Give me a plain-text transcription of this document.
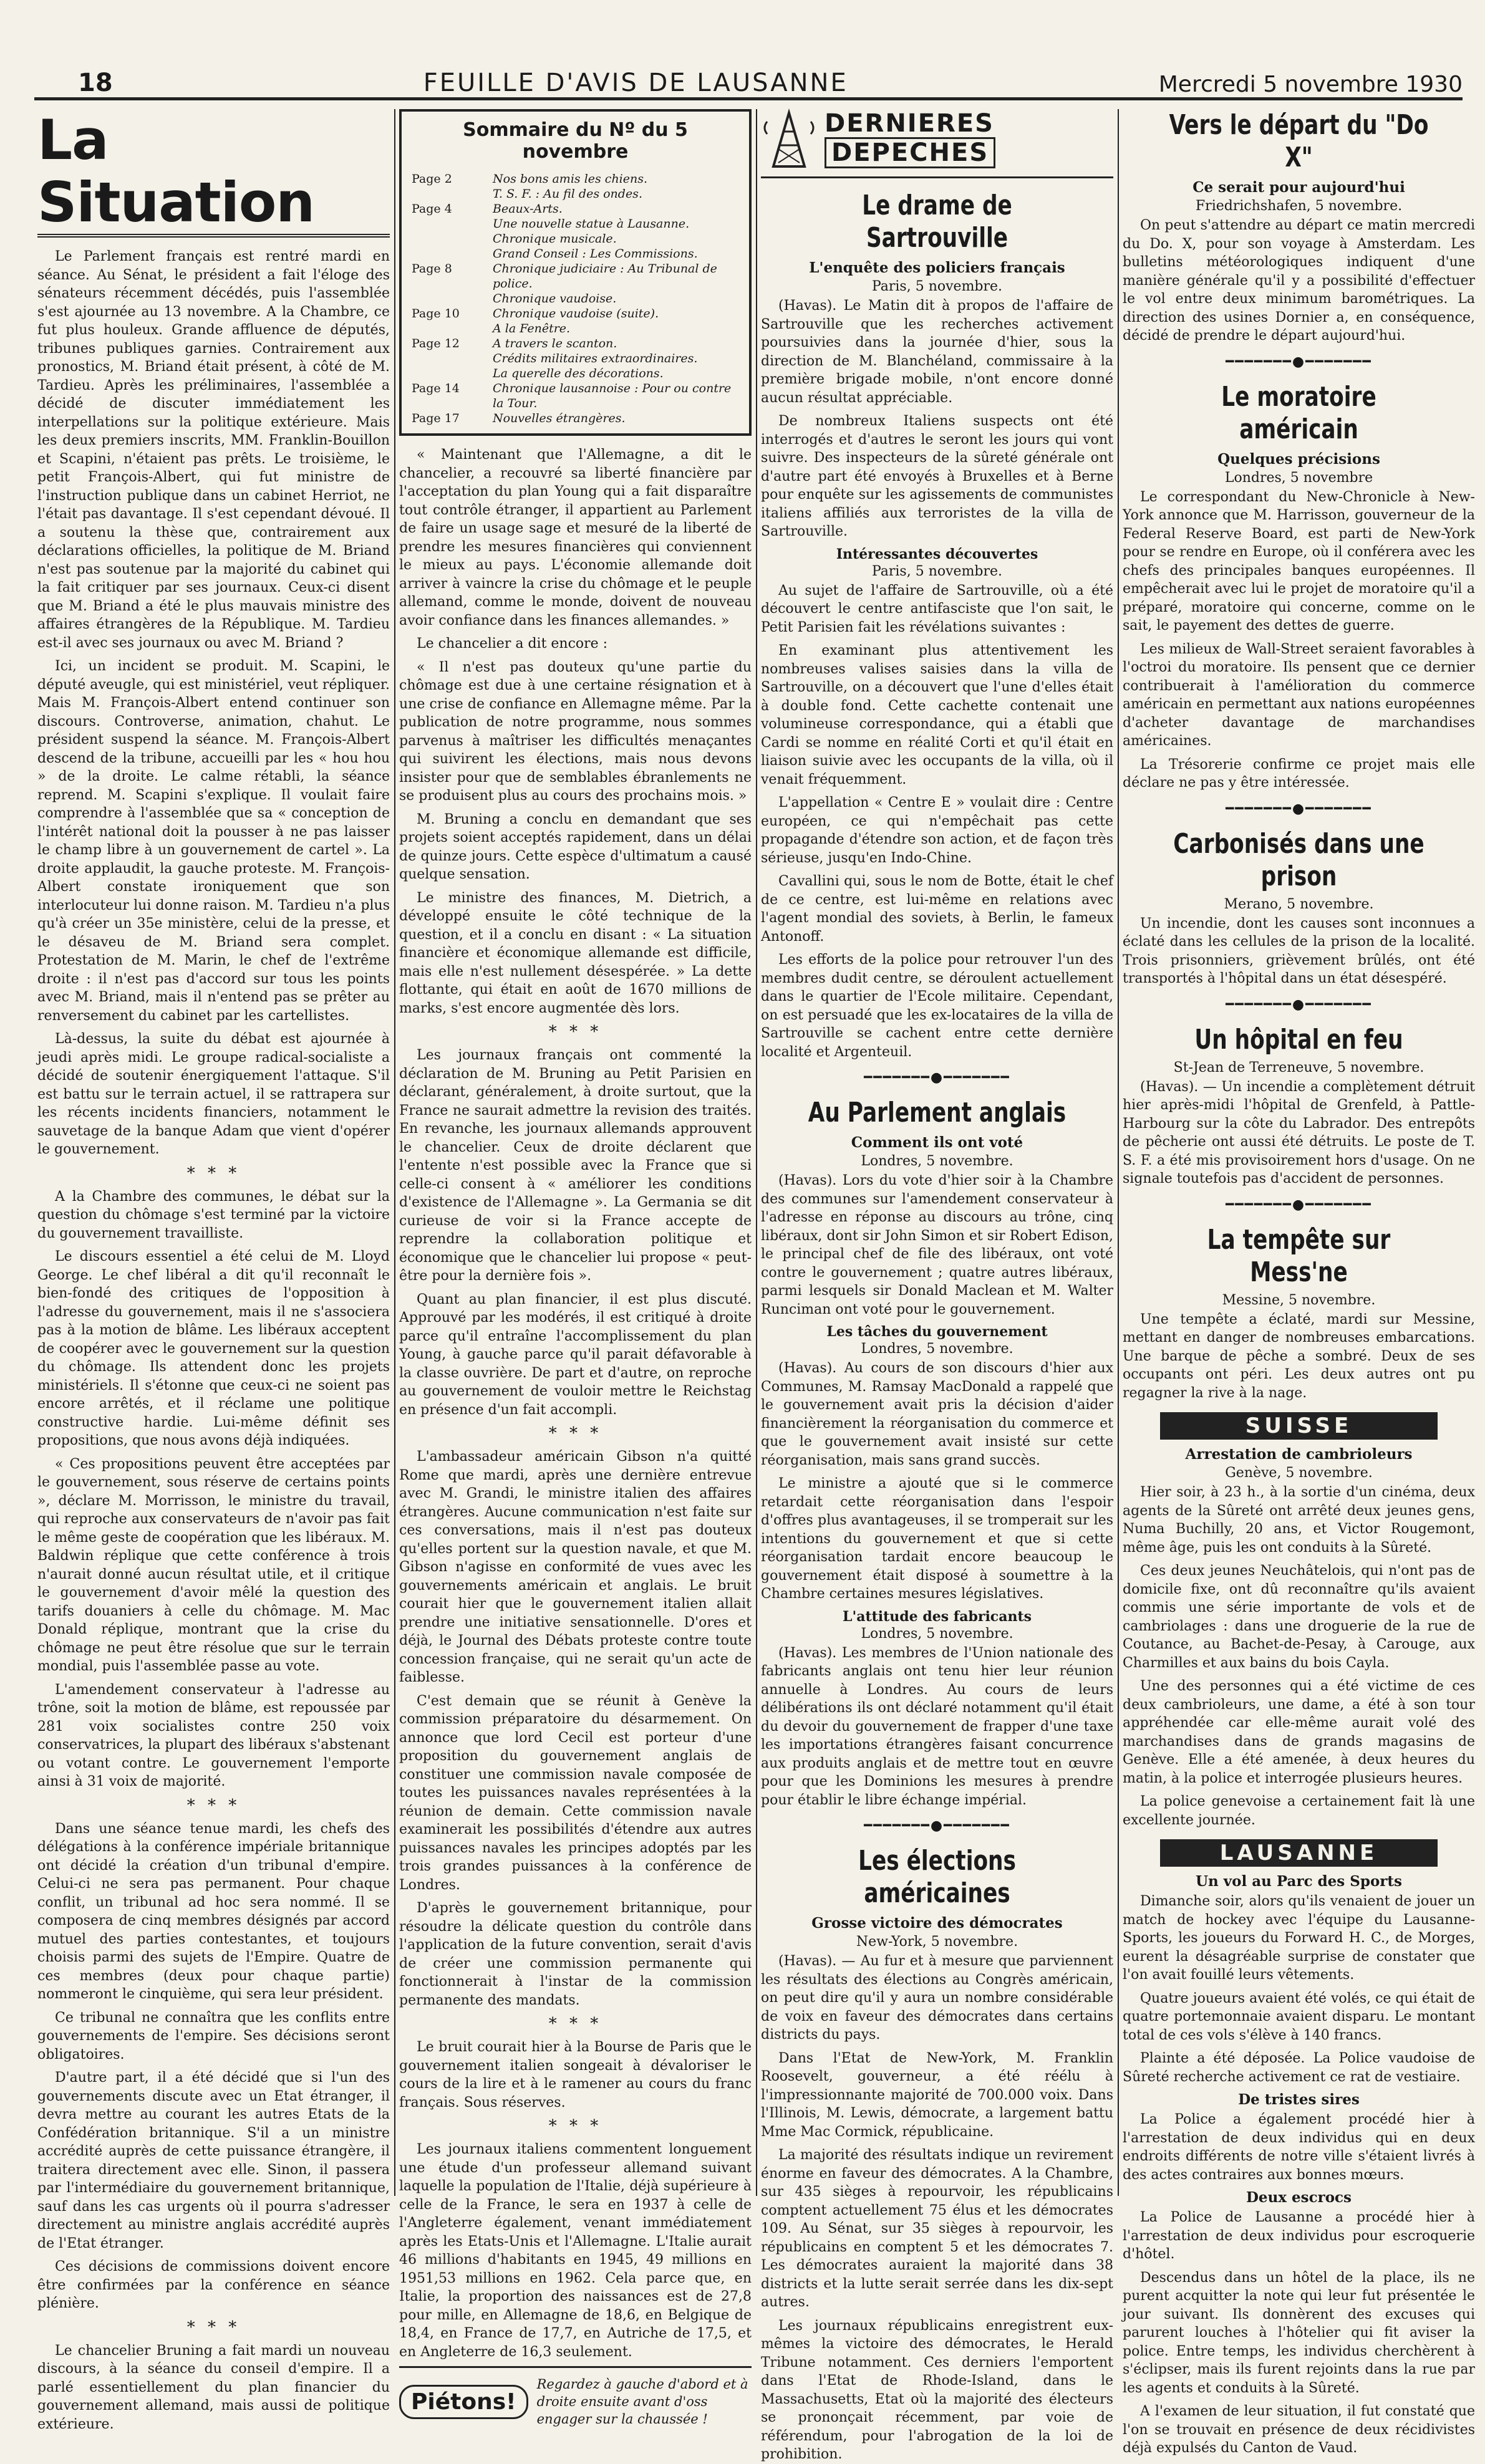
18	FEUILLE D'AVIS DE LAUSANNE	Mercredi 5 novembre 1930
La Situation

Le Parlement français est rentré mardi en séance. Au Sénat, le président a fait l'éloge des sénateurs récemment décédés, puis l'assemblée s'est ajournée au 13 novembre. A la Chambre, ce fut plus houleux. Grande affluence de députés, tribunes publiques garnies. Contrairement aux pronostics, M. Briand était présent, à côté de M. Tardieu. Après les préliminaires, l'assemblée a décidé de discuter immédiatement les interpellations sur la politique extérieure. Mais les deux premiers inscrits, MM. Franklin-Bouillon et Scapini, n'étaient pas prêts. Le troisième, le petit François-Albert, qui fut ministre de l'instruction publique dans un cabinet Herriot, ne l'était pas davantage. Il s'est cependant dévoué. Il a soutenu la thèse que, contrairement aux déclarations officielles, la politique de M. Briand n'est pas soutenue par la majorité du cabinet qui la fait critiquer par ses journaux. Ceux-ci disent que M. Briand a été le plus mauvais ministre des affaires étrangères de la République. M. Tardieu est-il avec ses journaux ou avec M. Briand ?

Ici, un incident se produit. M. Scapini, le député aveugle, qui est ministériel, veut répliquer. Mais M. François-Albert entend continuer son discours. Controverse, animation, chahut. Le président suspend la séance. M. François-Albert descend de la tribune, accueilli par les « hou hou » de la droite. Le calme rétabli, la séance reprend. M. Scapini s'explique. Il voulait faire comprendre à l'assemblée que sa « conception de l'intérêt national doit la pousser à ne pas laisser le champ libre à un gouvernement de cartel ». La droite applaudit, la gauche proteste. M. François-Albert constate ironiquement que son interlocuteur lui donne raison. M. Tardieu n'a plus qu'à créer un 35e ministère, celui de la presse, et le désaveu de M. Briand sera complet. Protestation de M. Marin, le chef de l'extrême droite : il n'est pas d'accord sur tous les points avec M. Briand, mais il n'entend pas se prêter au renversement du cabinet par les cartellistes.

Là-dessus, la suite du débat est ajournée à jeudi après midi. Le groupe radical-socialiste a décidé de soutenir énergiquement l'attaque. S'il est battu sur le terrain actuel, il se rattrapera sur les récents incidents financiers, notamment le sauvetage de la banque Adam que vient d'opérer le gouvernement.

* * *

A la Chambre des communes, le débat sur la question du chômage s'est terminé par la victoire du gouvernement travailliste.

Le discours essentiel a été celui de M. Lloyd George. Le chef libéral a dit qu'il reconnaît le bien-fondé des critiques de l'opposition à l'adresse du gouvernement, mais il ne s'associera pas à la motion de blâme. Les libéraux acceptent de coopérer avec le gouvernement sur la question du chômage. Ils attendent donc les projets ministériels. Il s'étonne que ceux-ci ne soient pas encore arrêtés, et il réclame une politique constructive hardie. Lui-même définit ses propositions, que nous avons déjà indiquées.

« Ces propositions peuvent être acceptées par le gouvernement, sous réserve de certains points », déclare M. Morrisson, le ministre du travail, qui reproche aux conservateurs de n'avoir pas fait le même geste de coopération que les libéraux. M. Baldwin réplique que cette conférence à trois n'aurait donné aucun résultat utile, et il critique le gouvernement d'avoir mêlé la question des tarifs douaniers à celle du chômage. M. Mac Donald réplique, montrant que la crise du chômage ne peut être résolue que sur le terrain mondial, puis l'assemblée passe au vote.

L'amendement conservateur à l'adresse au trône, soit la motion de blâme, est repoussée par 281 voix socialistes contre 250 voix conservatrices, la plupart des libéraux s'abstenant ou votant contre. Le gouvernement l'emporte ainsi à 31 voix de majorité.

* * *

Dans une séance tenue mardi, les chefs des délégations à la conférence impériale britannique ont décidé la création d'un tribunal d'empire. Celui-ci ne sera pas permanent. Pour chaque conflit, un tribunal ad hoc sera nommé. Il se composera de cinq membres désignés par accord mutuel des parties contestantes, et toujours choisis parmi des sujets de l'Empire. Quatre de ces membres (deux pour chaque partie) nommeront le cinquième, qui sera leur président.

Ce tribunal ne connaîtra que les conflits entre gouvernements de l'empire. Ses décisions seront obligatoires.

D'autre part, il a été décidé que si l'un des gouvernements discute avec un Etat étranger, il devra mettre au courant les autres Etats de la Confédération britannique. S'il a un ministre accrédité auprès de cette puissance étrangère, il traitera directement avec elle. Sinon, il passera par l'intermédiaire du gouvernement britannique, sauf dans les cas urgents où il pourra s'adresser directement au ministre anglais accrédité auprès de l'Etat étranger.

Ces décisions de commissions doivent encore être confirmées par la conférence en séance plénière.

* * *

Le chancelier Bruning a fait mardi un nouveau discours, à la séance du conseil d'empire. Il a parlé essentiellement du plan financier du gouvernement allemand, mais aussi de politique extérieure.

Sommaire du Nº du 5 novembre
Page 2	Nos bons amis les chiens.
T. S. F. : Au fil des ondes.
Page 4	Beaux-Arts.
Une nouvelle statue à Lausanne.
Chronique musicale.
Grand Conseil : Les Commissions.
Page 8	Chronique judiciaire : Au Tribunal de police.
Chronique vaudoise.
Page 10	Chronique vaudoise (suite).
A la Fenêtre.
Page 12	A travers le scanton.
Crédits militaires extraordinaires.
La querelle des décorations.
Page 14	Chronique lausannoise : Pour ou contre la Tour.
Page 17	Nouvelles étrangères.

« Maintenant que l'Allemagne, a dit le chancelier, a recouvré sa liberté financière par l'acceptation du plan Young qui a fait disparaître tout contrôle étranger, il appartient au Parlement de faire un usage sage et mesuré de la liberté de prendre les mesures financières qui conviennent le mieux au pays. L'économie allemande doit arriver à vaincre la crise du chômage et le peuple allemand, comme le monde, doivent de nouveau avoir confiance dans les finances allemandes. »

Le chancelier a dit encore :

« Il n'est pas douteux qu'une partie du chômage est due à une certaine résignation et à une crise de confiance en Allemagne même. Par la publication de notre programme, nous sommes parvenus à maîtriser les difficultés menaçantes qui suivirent les élections, mais nous devons insister pour que de semblables ébranlements ne se produisent plus au cours des prochains mois. »

M. Bruning a conclu en demandant que ses projets soient acceptés rapidement, dans un délai de quinze jours. Cette espèce d'ultimatum a causé quelque sensation.

Le ministre des finances, M. Dietrich, a développé ensuite le côté technique de la question, et il a conclu en disant : « La situation financière et économique allemande est difficile, mais elle n'est nullement désespérée. » La dette flottante, qui était en août de 1670 millions de marks, s'est encore augmentée dès lors.

* * *

Les journaux français ont commenté la déclaration de M. Bruning au Petit Parisien en déclarant, généralement, à droite surtout, que la France ne saurait admettre la revision des traités. En revanche, les journaux allemands approuvent le chancelier. Ceux de droite déclarent que l'entente n'est possible avec la France que si celle-ci consent à « améliorer les conditions d'existence de l'Allemagne ». La Germania se dit curieuse de voir si la France accepte de reprendre la collaboration politique et économique que le chancelier lui propose « peut-être pour la dernière fois ».

Quant au plan financier, il est plus discuté. Approuvé par les modérés, il est critiqué à droite parce qu'il entraîne l'accomplissement du plan Young, à gauche parce qu'il parait défavorable à la classe ouvrière. De part et d'autre, on reproche au gouvernement de vouloir mettre le Reichstag en présence d'un fait accompli.

* * *

L'ambassadeur américain Gibson n'a quitté Rome que mardi, après une dernière entrevue avec M. Grandi, le ministre italien des affaires étrangères. Aucune communication n'est faite sur ces conversations, mais il n'est pas douteux qu'elles portent sur la question navale, et que M. Gibson n'agisse en conformité de vues avec les gouvernements américain et anglais. Le bruit courait hier que le gouvernement italien allait prendre une initiative sensationnelle. D'ores et déjà, le Journal des Débats proteste contre toute concession française, qui ne serait qu'un acte de faiblesse.

C'est demain que se réunit à Genève la commission préparatoire du désarmement. On annonce que lord Cecil est porteur d'une proposition du gouvernement anglais de constituer une commission navale composée de toutes les puissances navales représentées à la réunion de demain. Cette commission navale examinerait les possibilités d'étendre aux autres puissances navales les principes adoptés par les trois grandes puissances à la conférence de Londres.

D'après le gouvernement britannique, pour résoudre la délicate question du contrôle dans l'application de la future convention, serait d'avis de créer une commission permanente qui fonctionnerait à l'instar de la commission permanente des mandats.

* * *

Le bruit courait hier à la Bourse de Paris que le gouvernement italien songeait à dévaloriser le cours de la lire et à le ramener au cours du franc français. Sous réserves.

* * *

Les journaux italiens commentent longuement une étude d'un professeur allemand suivant laquelle la population de l'Italie, déjà supérieure à celle de la France, le sera en 1937 à celle de l'Angleterre également, venant immédiatement après les Etats-Unis et l'Allemagne. L'Italie aurait 46 millions d'habitants en 1945, 49 millions en 1951,53 millions en 1962. Cela parce que, en Italie, la proportion des naissances est de 27,8 pour mille, en Allemagne de 18,6, en Belgique de 18,4, en France de 17,7, en Autriche de 17,5, et en Angleterre de 16,3 seulement.

Piétons!
Regardez à gauche d'abord et à droite ensuite avant d'oss engager sur la chaussée !
DERNIERES
DEPECHES
Le drame de Sartrouville
L'enquête des policiers français
Paris, 5 novembre.

(Havas). Le Matin dit à propos de l'affaire de Sartrouville que les recherches activement poursuivies dans la journée d'hier, sous la direction de M. Blanchéland, commissaire à la première brigade mobile, n'ont encore donné aucun résultat appréciable.

De nombreux Italiens suspects ont été interrogés et d'autres le seront les jours qui vont suivre. Des inspecteurs de la sûreté générale ont d'autre part été envoyés à Bruxelles et à Berne pour enquête sur les agissements de communistes italiens affiliés aux terroristes de la villa de Sartrouville.

Intéressantes découvertes
Paris, 5 novembre.

Au sujet de l'affaire de Sartrouville, où a été découvert le centre antifasciste que l'on sait, le Petit Parisien fait les révélations suivantes :

En examinant plus attentivement les nombreuses valises saisies dans la villa de Sartrouville, on a découvert que l'une d'elles était à double fond. Cette cachette contenait une volumineuse correspondance, qui a établi que Cardi se nomme en réalité Corti et qu'il était en liaison suivie avec les occupants de la villa, où il venait fréquemment.

L'appellation « Centre E » voulait dire : Centre européen, ce qui n'empêchait pas cette propagande d'étendre son action, et de façon très sérieuse, jusqu'en Indo-Chine.

Cavallini qui, sous le nom de Botte, était le chef de ce centre, est lui-même en relations avec l'agent mondial des soviets, à Berlin, le fameux Antonoff.

Les efforts de la police pour retrouver l'un des membres dudit centre, se déroulent actuellement dans le quartier de l'Ecole militaire. Cependant, on est persuadé que les ex-locataires de la villa de Sartrouville se cachent entre cette dernière localité et Argenteuil.

━━━━━━━●━━━━━━━
Au Parlement anglais
Comment ils ont voté
Londres, 5 novembre.

(Havas). Lors du vote d'hier soir à la Chambre des communes sur l'amendement conservateur à l'adresse en réponse au discours au trône, cinq libéraux, dont sir John Simon et sir Robert Edison, le principal chef de file des libéraux, ont voté contre le gouvernement ; quatre autres libéraux, parmi lesquels sir Donald Maclean et M. Walter Runciman ont voté pour le gouvernement.

Les tâches du gouvernement
Londres, 5 novembre.

(Havas). Au cours de son discours d'hier aux Communes, M. Ramsay MacDonald a rappelé que le gouvernement avait pris la décision d'aider financièrement la réorganisation du commerce et que le gouvernement avait insisté sur cette réorganisation, mais sans grand succès.

Le ministre a ajouté que si le commerce retardait cette réorganisation dans l'espoir d'offres plus avantageuses, il se tromperait sur les intentions du gouvernement et que si cette réorganisation tardait encore beaucoup le gouvernement était disposé à soumettre à la Chambre certaines mesures législatives.

L'attitude des fabricants
Londres, 5 novembre.

(Havas). Les membres de l'Union nationale des fabricants anglais ont tenu hier leur réunion annuelle à Londres. Au cours de leurs délibérations ils ont déclaré notamment qu'il était du devoir du gouvernement de frapper d'une taxe les importations étrangères faisant concurrence aux produits anglais et de mettre tout en œuvre pour que les Dominions les mesures à prendre pour établir le libre échange impérial.

━━━━━━━●━━━━━━━
Les élections américaines
Grosse victoire des démocrates
New-York, 5 novembre.

(Havas). — Au fur et à mesure que parviennent les résultats des élections au Congrès américain, on peut dire qu'il y aura un nombre considérable de voix en faveur des démocrates dans certains districts du pays.

Dans l'Etat de New-York, M. Franklin Roosevelt, gouverneur, a été réélu à l'impressionnante majorité de 700.000 voix. Dans l'Illinois, M. Lewis, démocrate, a largement battu Mme Mac Cormick, républicaine.

La majorité des résultats indique un revirement énorme en faveur des démocrates. A la Chambre, sur 435 sièges à repourvoir, les républicains comptent actuellement 75 élus et les démocrates 109. Au Sénat, sur 35 sièges à repourvoir, les républicains en comptent 5 et les démocrates 7. Les démocrates auraient la majorité dans 38 districts et la lutte serait serrée dans les dix-sept autres.

Les journaux républicains enregistrent eux-mêmes la victoire des démocrates, le Herald Tribune notamment. Ces derniers l'emportent dans l'Etat de Rhode-Island, dans le Massachusetts, Etat où la majorité des électeurs se prononçait récemment, par voie de référendum, pour l'abrogation de la loi de prohibition.

Vers le départ du "Do X"
Ce serait pour aujourd'hui
Friedrichshafen, 5 novembre.

On peut s'attendre au départ ce matin mercredi du Do. X, pour son voyage à Amsterdam. Les bulletins météorologiques indiquent d'une manière générale qu'il y a possibilité d'effectuer le vol entre deux minimum barométriques. La direction des usines Dornier a, en conséquence, décidé de prendre le départ aujourd'hui.

━━━━━━━●━━━━━━━
Le moratoire américain
Quelques précisions
Londres, 5 novembre

Le correspondant du New-Chronicle à New-York annonce que M. Harrisson, gouverneur de la Federal Reserve Board, est parti de New-York pour se rendre en Europe, où il conférera avec les chefs des principales banques européennes. Il empêcherait avec lui le projet de moratoire qu'il a préparé, moratoire qui concerne, comme on le sait, le payement des dettes de guerre.

Les milieux de Wall-Street seraient favorables à l'octroi du moratoire. Ils pensent que ce dernier contribuerait à l'amélioration du commerce américain en permettant aux nations européennes d'acheter davantage de marchandises américaines.

La Trésorerie confirme ce projet mais elle déclare ne pas y être intéressée.

━━━━━━━●━━━━━━━
Carbonisés dans une prison
Merano, 5 novembre.

Un incendie, dont les causes sont inconnues a éclaté dans les cellules de la prison de la localité. Trois prisonniers, grièvement brûlés, ont été transportés à l'hôpital dans un état désespéré.

━━━━━━━●━━━━━━━
Un hôpital en feu
St-Jean de Terreneuve, 5 novembre.

(Havas). — Un incendie a complètement détruit hier après-midi l'hôpital de Grenfeld, à Pattle-Harbourg sur la côte du Labrador. Des entrepôts de pêcherie ont aussi été détruits. Le poste de T. S. F. a été mis provisoirement hors d'usage. On ne signale toutefois pas d'accident de personnes.

━━━━━━━●━━━━━━━
La tempête sur Mess'ne
Messine, 5 novembre.

Une tempête a éclaté, mardi sur Messine, mettant en danger de nombreuses embarcations. Une barque de pêche a sombré. Deux de ses occupants ont péri. Les deux autres ont pu regagner la rive à la nage.

SUISSE
Arrestation de cambrioleurs
Genève, 5 novembre.

Hier soir, à 23 h., à la sortie d'un cinéma, deux agents de la Sûreté ont arrêté deux jeunes gens, Numa Buchilly, 20 ans, et Victor Rougemont, même âge, puis les ont conduits à la Sûreté.

Ces deux jeunes Neuchâtelois, qui n'ont pas de domicile fixe, ont dû reconnaître qu'ils avaient commis une série importante de vols et de cambriolages : dans une droguerie de la rue de Coutance, au Bachet-de-Pesay, à Carouge, aux Charmilles et aux bains du bois Cayla.

Une des personnes qui a été victime de ces deux cambrioleurs, une dame, a été à son tour appréhendée car elle-même aurait volé des marchandises dans de grands magasins de Genève. Elle a été amenée, à deux heures du matin, à la police et interrogée plusieurs heures.

La police genevoise a certainement fait là une excellente journée.

LAUSANNE
Un vol au Parc des Sports

Dimanche soir, alors qu'ils venaient de jouer un match de hockey avec l'équipe du Lausanne-Sports, les joueurs du Forward H. C., de Morges, eurent la désagréable surprise de constater que l'on avait fouillé leurs vêtements.

Quatre joueurs avaient été volés, ce qui était de quatre portemonnaie avaient disparu. Le montant total de ces vols s'élève à 140 francs.

Plainte a été déposée. La Police vaudoise de Sûreté recherche activement ce rat de vestiaire.

De tristes sires

La Police a également procédé hier à l'arrestation de deux individus qui en deux endroits différents de notre ville s'étaient livrés à des actes contraires aux bonnes mœurs.

Deux escrocs

La Police de Lausanne a procédé hier à l'arrestation de deux individus pour escroquerie d'hôtel.

Descendus dans un hôtel de la place, ils ne purent acquitter la note qui leur fut présentée le jour suivant. Ils donnèrent des excuses qui parurent louches à l'hôtelier qui fit aviser la police. Entre temps, les individus cherchèrent à s'éclipser, mais ils furent rejoints dans la rue par les agents et conduits à la Sûreté.

A l'examen de leur situation, il fut constaté que l'on se trouvait en présence de deux récidivistes déjà expulsés du Canton de Vaud.
